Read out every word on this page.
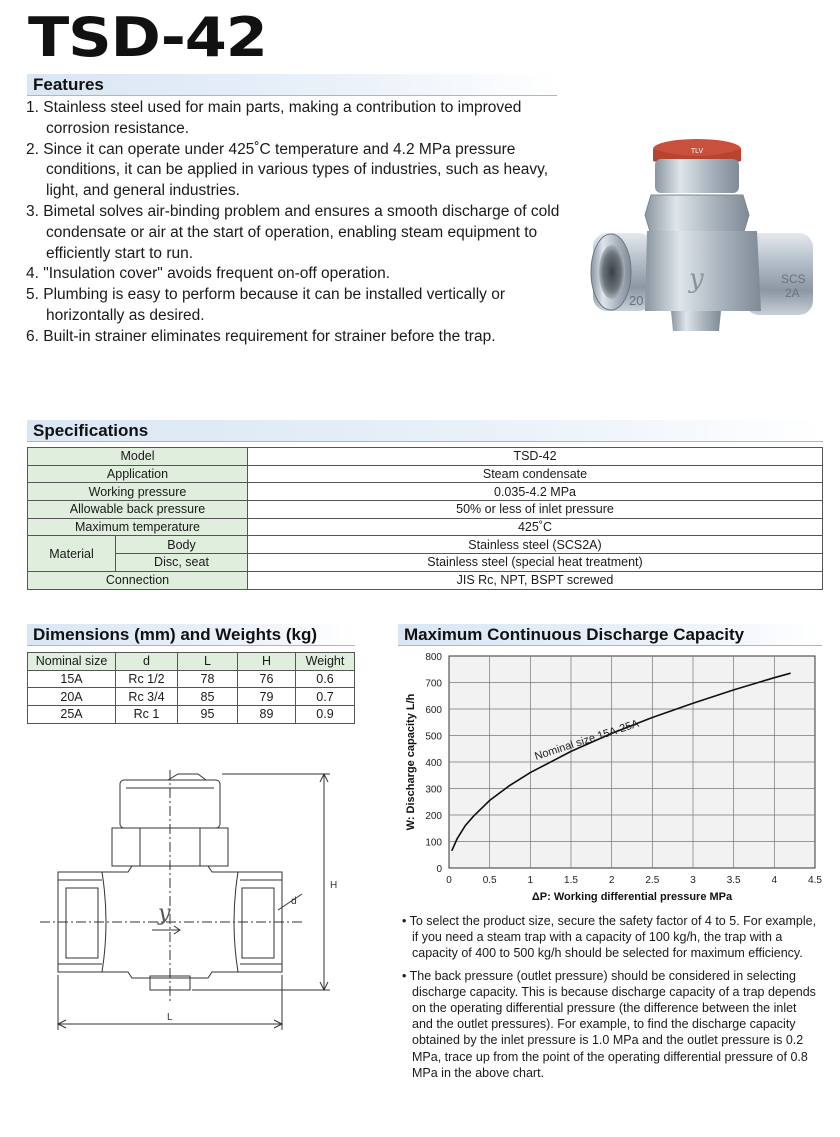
TSD-42
Features
1. Stainless steel used for main parts, making a contribution to improved corrosion resistance.
2. Since it can operate under 425˚C temperature and 4.2 MPa pressure conditions, it can be applied in various types of industries, such as heavy, light, and general industries.
3. Bimetal solves air-binding problem and ensures a smooth discharge of cold condensate or air at the start of operation, enabling steam equipment to efficiently start to run.
4. "Insulation cover" avoids frequent on-off operation.
5. Plumbing is easy to perform because it can be installed vertically or horizontally as desired.
6. Built-in strainer eliminates requirement for strainer before the trap.
TLV
y
20
SCS
2A
Specifications
Model		TSD-42
Application		Steam condensate
Working pressure		0.035-4.2 MPa
Allowable back pressure		50% or less of inlet pressure
Maximum temperature		425˚C
Material	Body	Stainless steel (SCS2A)
	Disc, seat	Stainless steel (special heat treatment)
Connection		JIS Rc, NPT, BSPT screwed
Dimensions (mm) and Weights (kg)
Nominal size	d	L	H	Weight
15A	Rc 1/2	78	76	0.6
20A	Rc 3/4	85	79	0.7
25A	Rc 1	95	89	0.9
y
H
d
L
Maximum Continuous Discharge Capacity
0	0.5	1	1.5	2	2.5	3	3.5	4	4.5
0
100
200
300
400
500
600
700
800
Nominal size 15A-25A
ΔP: Working differential pressure MPa
W: Discharge capacity L/h
• To select the product size, secure the safety factor of 4 to 5. For example, if you need a steam trap with a capacity of 100 kg/h, the trap with a capacity of 400 to 500 kg/h should be selected for maximum efficiency.
• The back pressure (outlet pressure) should be considered in selecting discharge capacity. This is because discharge capacity of a trap depends on the operating differential pressure (the difference between the inlet and the outlet pressures). For example, to find the discharge capacity obtained by the inlet pressure is 1.0 MPa and the outlet pressure is 0.2 MPa, trace up from the point of the operating differential pressure of 0.8 MPa in the above chart.
